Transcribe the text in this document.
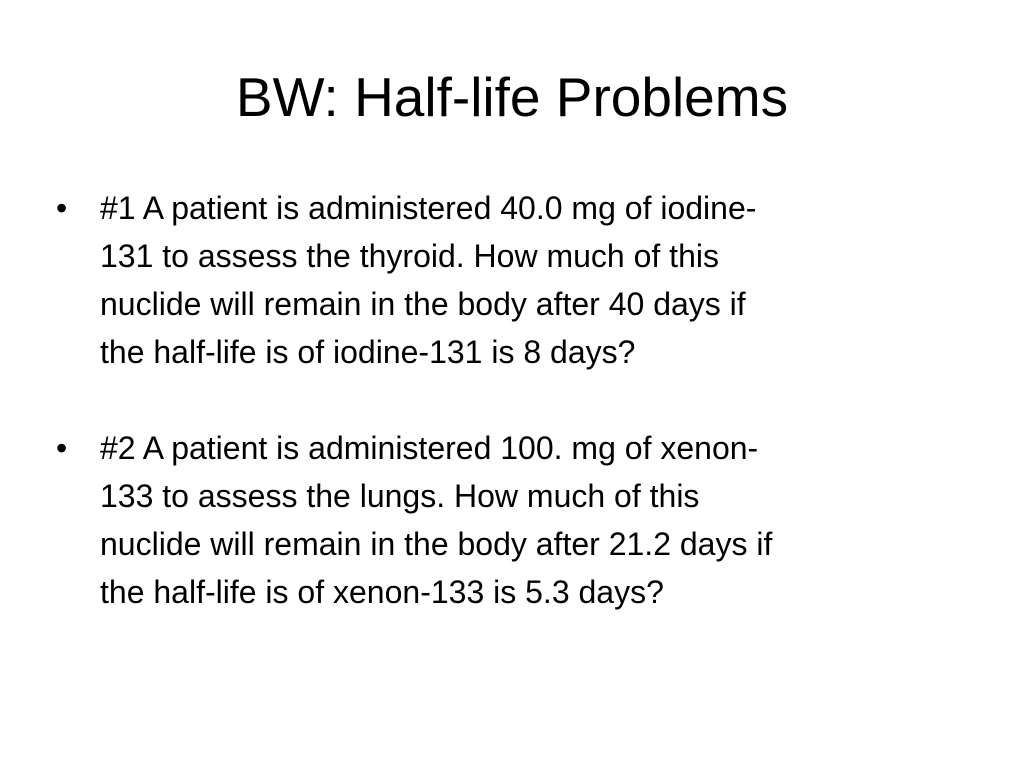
BW: Half-life Problems
• #1 A patient is administered 40.0 mg of iodine-
131 to assess the thyroid. How much of this
nuclide will remain in the body after 40 days if
the half-life is of iodine-131 is 8 days?
• #2 A patient is administered 100. mg of xenon-
133 to assess the lungs. How much of this
nuclide will remain in the body after 21.2 days if
the half-life is of xenon-133 is 5.3 days?
